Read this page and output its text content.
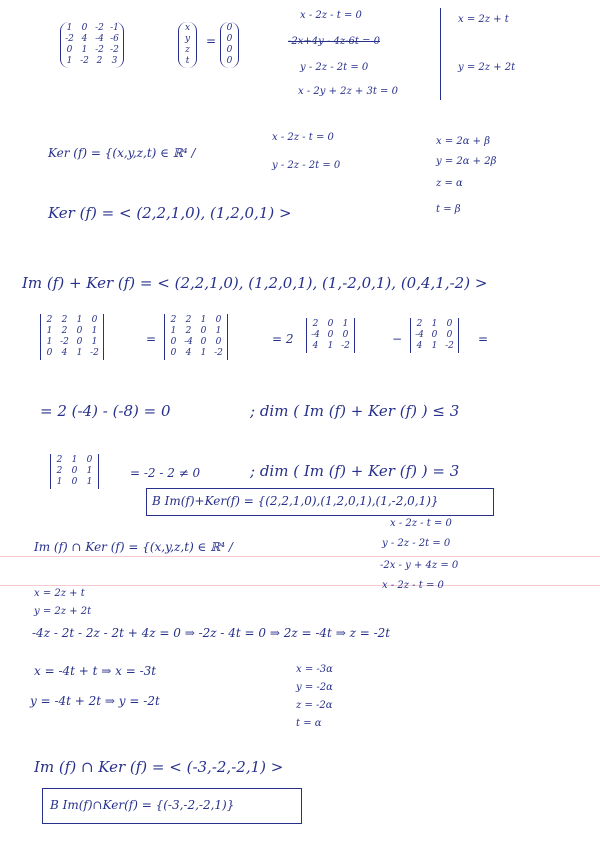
1 0 -2 -1
-2 4 -4 -6
0 1 -2 -2
1 -2 2 3
x
y
z
t
=
0
0
0
0
x - 2z - t = 0
-2x+4y - 4z-6t = 0
y - 2z - 2t = 0
x - 2y + 2z + 3t = 0
x = 2z + t
y = 2z + 2t
Ker (f) = {(x,y,z,t) ∈ ℝ⁴ /
x - 2z - t = 0
y - 2z - 2t = 0
x = 2α + β
y = 2α + 2β
z = α
t = β
Ker (f) = < (2,2,1,0), (1,2,0,1) >
Im (f) + Ker (f) = < (2,2,1,0), (1,2,0,1), (1,-2,0,1), (0,4,1,-2) >
2 2 1 0
1 2 0 1
1 -2 0 1
0 4 1 -2
=
2 2 1 0
1 2 0 1
0 -4 0 0
0 4 1 -2
= 2
2 0 1
-4 0 0
4 1 -2	−
2 1 0
-4 0 0
4 1 -2 =
= 2 (-4) - (-8) = 0	; dim ( Im (f) + Ker (f) ) ≤ 3
2 1 0
2 0 1
1 0 1
= -2 - 2 ≠ 0	; dim ( Im (f) + Ker (f) ) = 3
B Im(f)+Ker(f) = {(2,2,1,0),(1,2,0,1),(1,-2,0,1)}
Im (f) ∩ Ker (f) = {(x,y,z,t) ∈ ℝ⁴ /
x - 2z - t = 0
y - 2z - 2t = 0
-2x - y + 4z = 0
x - 2z - t = 0
x = 2z + t
y = 2z + 2t
-4z - 2t - 2z - 2t + 4z = 0 ⇒ -2z - 4t = 0 ⇒ 2z = -4t ⇒ z = -2t
x = -4t + t ⇒ x = -3t
y = -4t + 2t ⇒ y = -2t
x = -3α
y = -2α
z = -2α
t = α
Im (f) ∩ Ker (f) = < (-3,-2,-2,1) >
B Im(f)∩Ker(f) = {(-3,-2,-2,1)}
